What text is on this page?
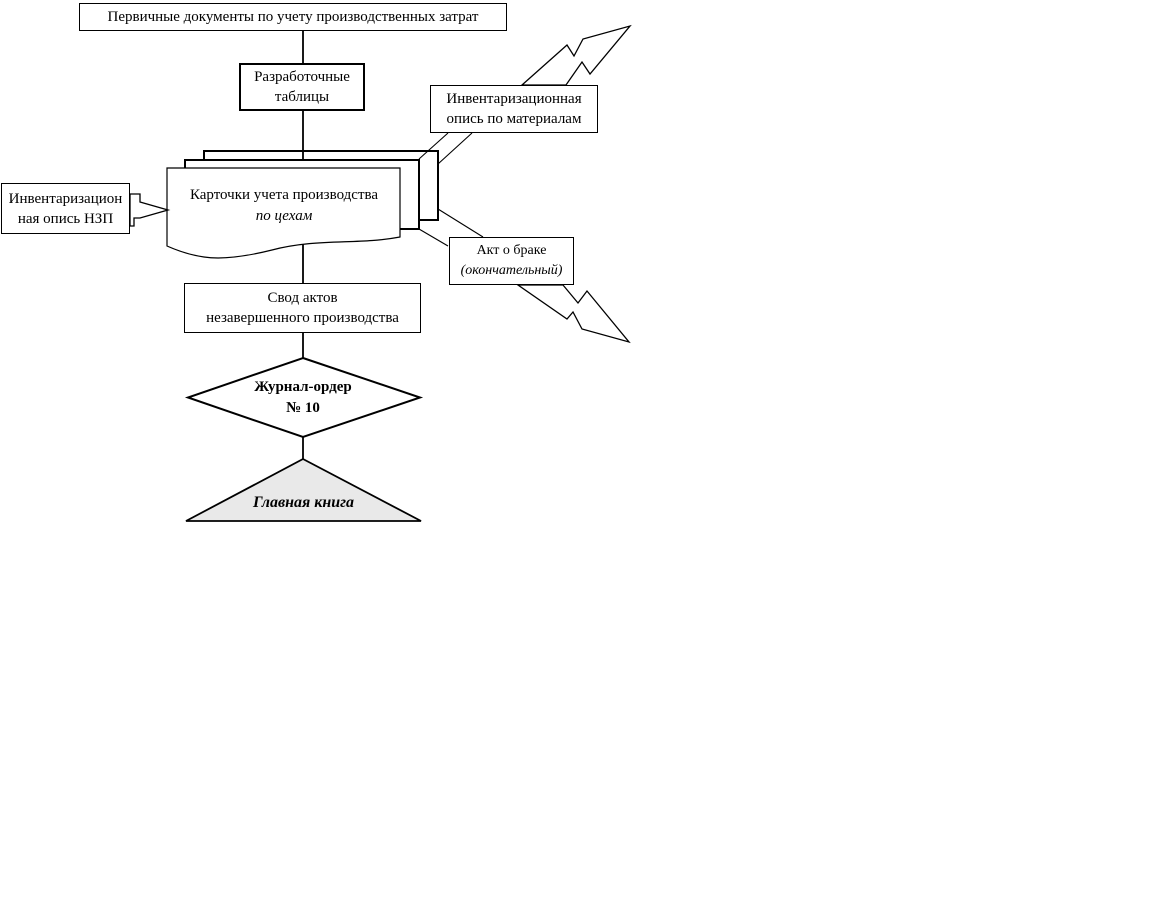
Первичные документы по учету производственных затрат
Разработочные
таблицы	Инвентаризационная
опись по материалам
Инвентаризацион
ная опись НЗП
Карточки учета производства
по цехам
Акт о браке
(окончательный)
Свод актов
незавершенного производства
Журнал-ордер
№ 10
Главная книга
